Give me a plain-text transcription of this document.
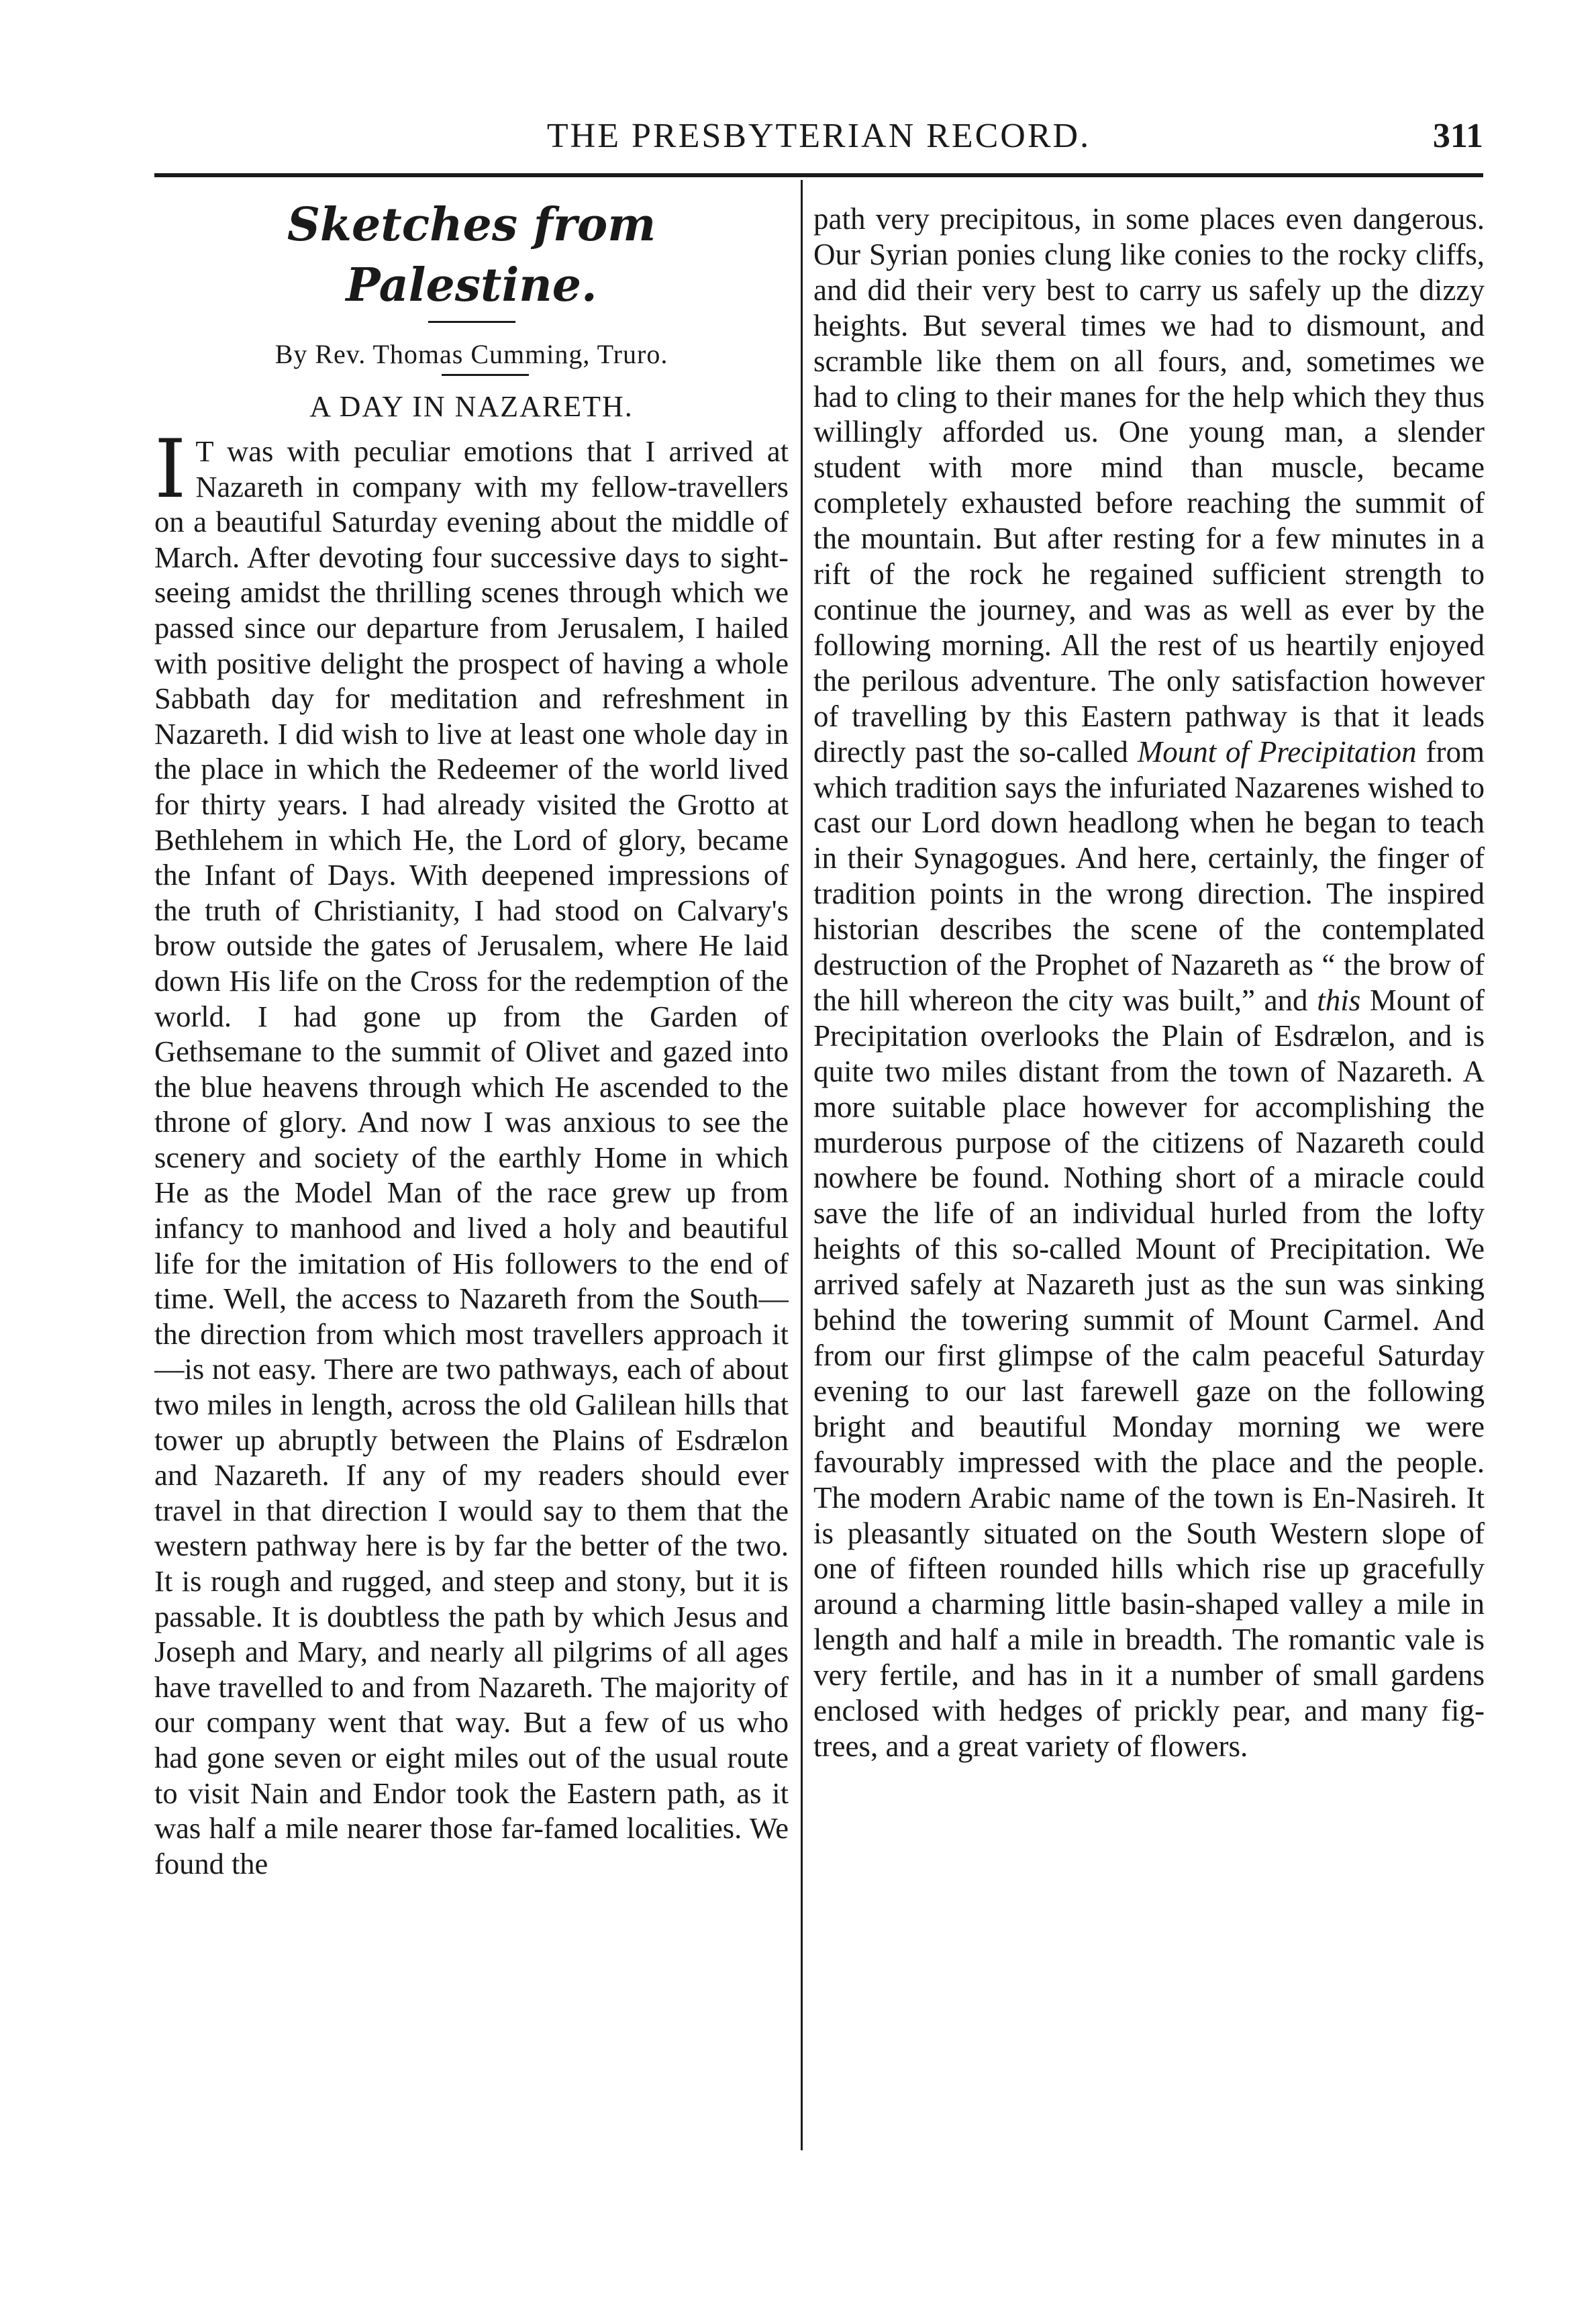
THE PRESBYTERIAN RECORD.	311
Sketches from Palestine.
By Rev. Thomas Cumming, Truro.
A DAY IN NAZARETH.

I T was with peculiar emotions that I arrived at Nazareth in company with my fellow-travellers on a beautiful Saturday evening about the middle of March. After devoting four successive days to sight-seeing amidst the thrilling scenes through which we passed since our departure from Jerusalem, I hailed with positive delight the prospect of having a whole Sabbath day for meditation and refreshment in Nazareth. I did wish to live at least one whole day in the place in which the Redeemer of the world lived for thirty years. I had already visited the Grotto at Bethlehem in which He, the Lord of glory, became the Infant of Days. With deepened impressions of the truth of Christianity, I had stood on Calvary's brow outside the gates of Jerusalem, where He laid down His life on the Cross for the redemption of the world. I had gone up from the Garden of Gethsemane to the summit of Olivet and gazed into the blue heavens through which He ascended to the throne of glory. And now I was anxious to see the scenery and society of the earthly Home in which He as the Model Man of the race grew up from infancy to manhood and lived a holy and beautiful life for the imitation of His followers to the end of time. Well, the access to Nazareth from the South—the direction from which most travellers approach it—is not easy. There are two pathways, each of about two miles in length, across the old Galilean hills that tower up abruptly between the Plains of Esdrælon and Nazareth. If any of my readers should ever travel in that direction I would say to them that the western pathway here is by far the better of the two. It is rough and rugged, and steep and stony, but it is passable. It is doubtless the path by which Jesus and Joseph and Mary, and nearly all pilgrims of all ages have travelled to and from Nazareth. The majority of our company went that way. But a few of us who had gone seven or eight miles out of the usual route to visit Nain and Endor took the Eastern path, as it was half a mile nearer those far-famed localities. We found the

path very precipitous, in some places even dangerous. Our Syrian ponies clung like conies to the rocky cliffs, and did their very best to carry us safely up the dizzy heights. But several times we had to dismount, and scramble like them on all fours, and, sometimes we had to cling to their manes for the help which they thus willingly afforded us. One young man, a slender student with more mind than muscle, became completely exhausted before reaching the summit of the mountain. But after resting for a few minutes in a rift of the rock he regained sufficient strength to continue the journey, and was as well as ever by the following morning. All the rest of us heartily enjoyed the perilous adventure. The only satisfaction however of travelling by this Eastern pathway is that it leads directly past the so-called Mount of Precipitation from which tradition says the infuriated Nazarenes wished to cast our Lord down headlong when he began to teach in their Synagogues. And here, certainly, the finger of tradition points in the wrong direction. The inspired historian describes the scene of the contemplated destruction of the Prophet of Nazareth as “ the brow of the hill whereon the city was built,” and this Mount of Precipitation overlooks the Plain of Esdrælon, and is quite two miles distant from the town of Nazareth. A more suitable place however for accomplishing the murderous purpose of the citizens of Nazareth could nowhere be found. Nothing short of a miracle could save the life of an individual hurled from the lofty heights of this so-called Mount of Precipitation. We arrived safely at Nazareth just as the sun was sinking behind the towering summit of Mount Carmel. And from our first glimpse of the calm peaceful Saturday evening to our last farewell gaze on the following bright and beautiful Monday morning we were favourably impressed with the place and the people. The modern Arabic name of the town is En-Nasireh. It is pleasantly situated on the South Western slope of one of fifteen rounded hills which rise up gracefully around a charming little basin-shaped valley a mile in length and half a mile in breadth. The romantic vale is very fertile, and has in it a number of small gardens enclosed with hedges of prickly pear, and many fig-trees, and a great variety of flowers.
